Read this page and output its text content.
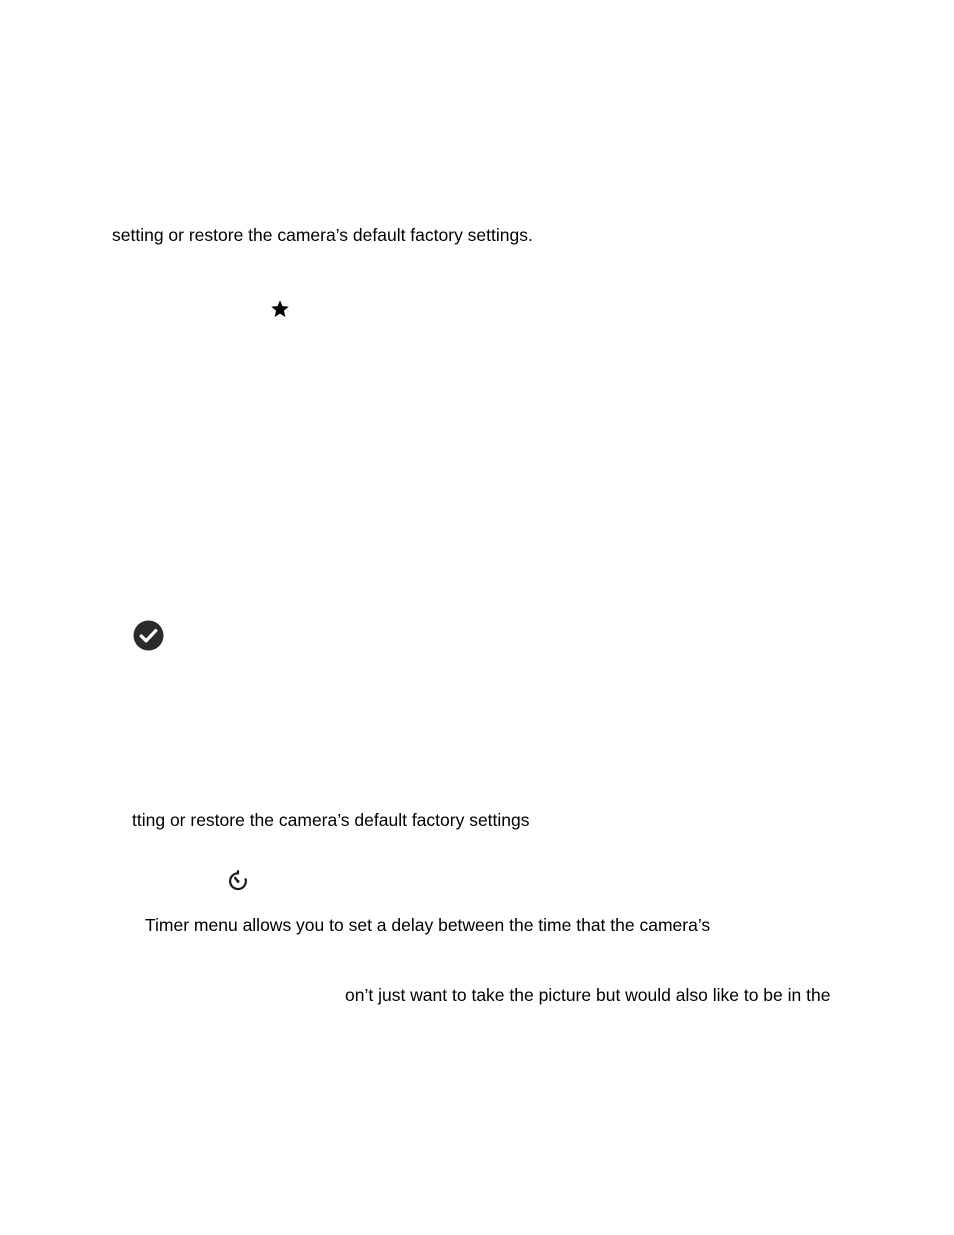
setting or restore the camera’s default factory settings.

tting or restore the camera’s default factory settings

Timer menu allows you to set a delay between the time that the camera’s

on’t just want to take the picture but would also like to be in the
